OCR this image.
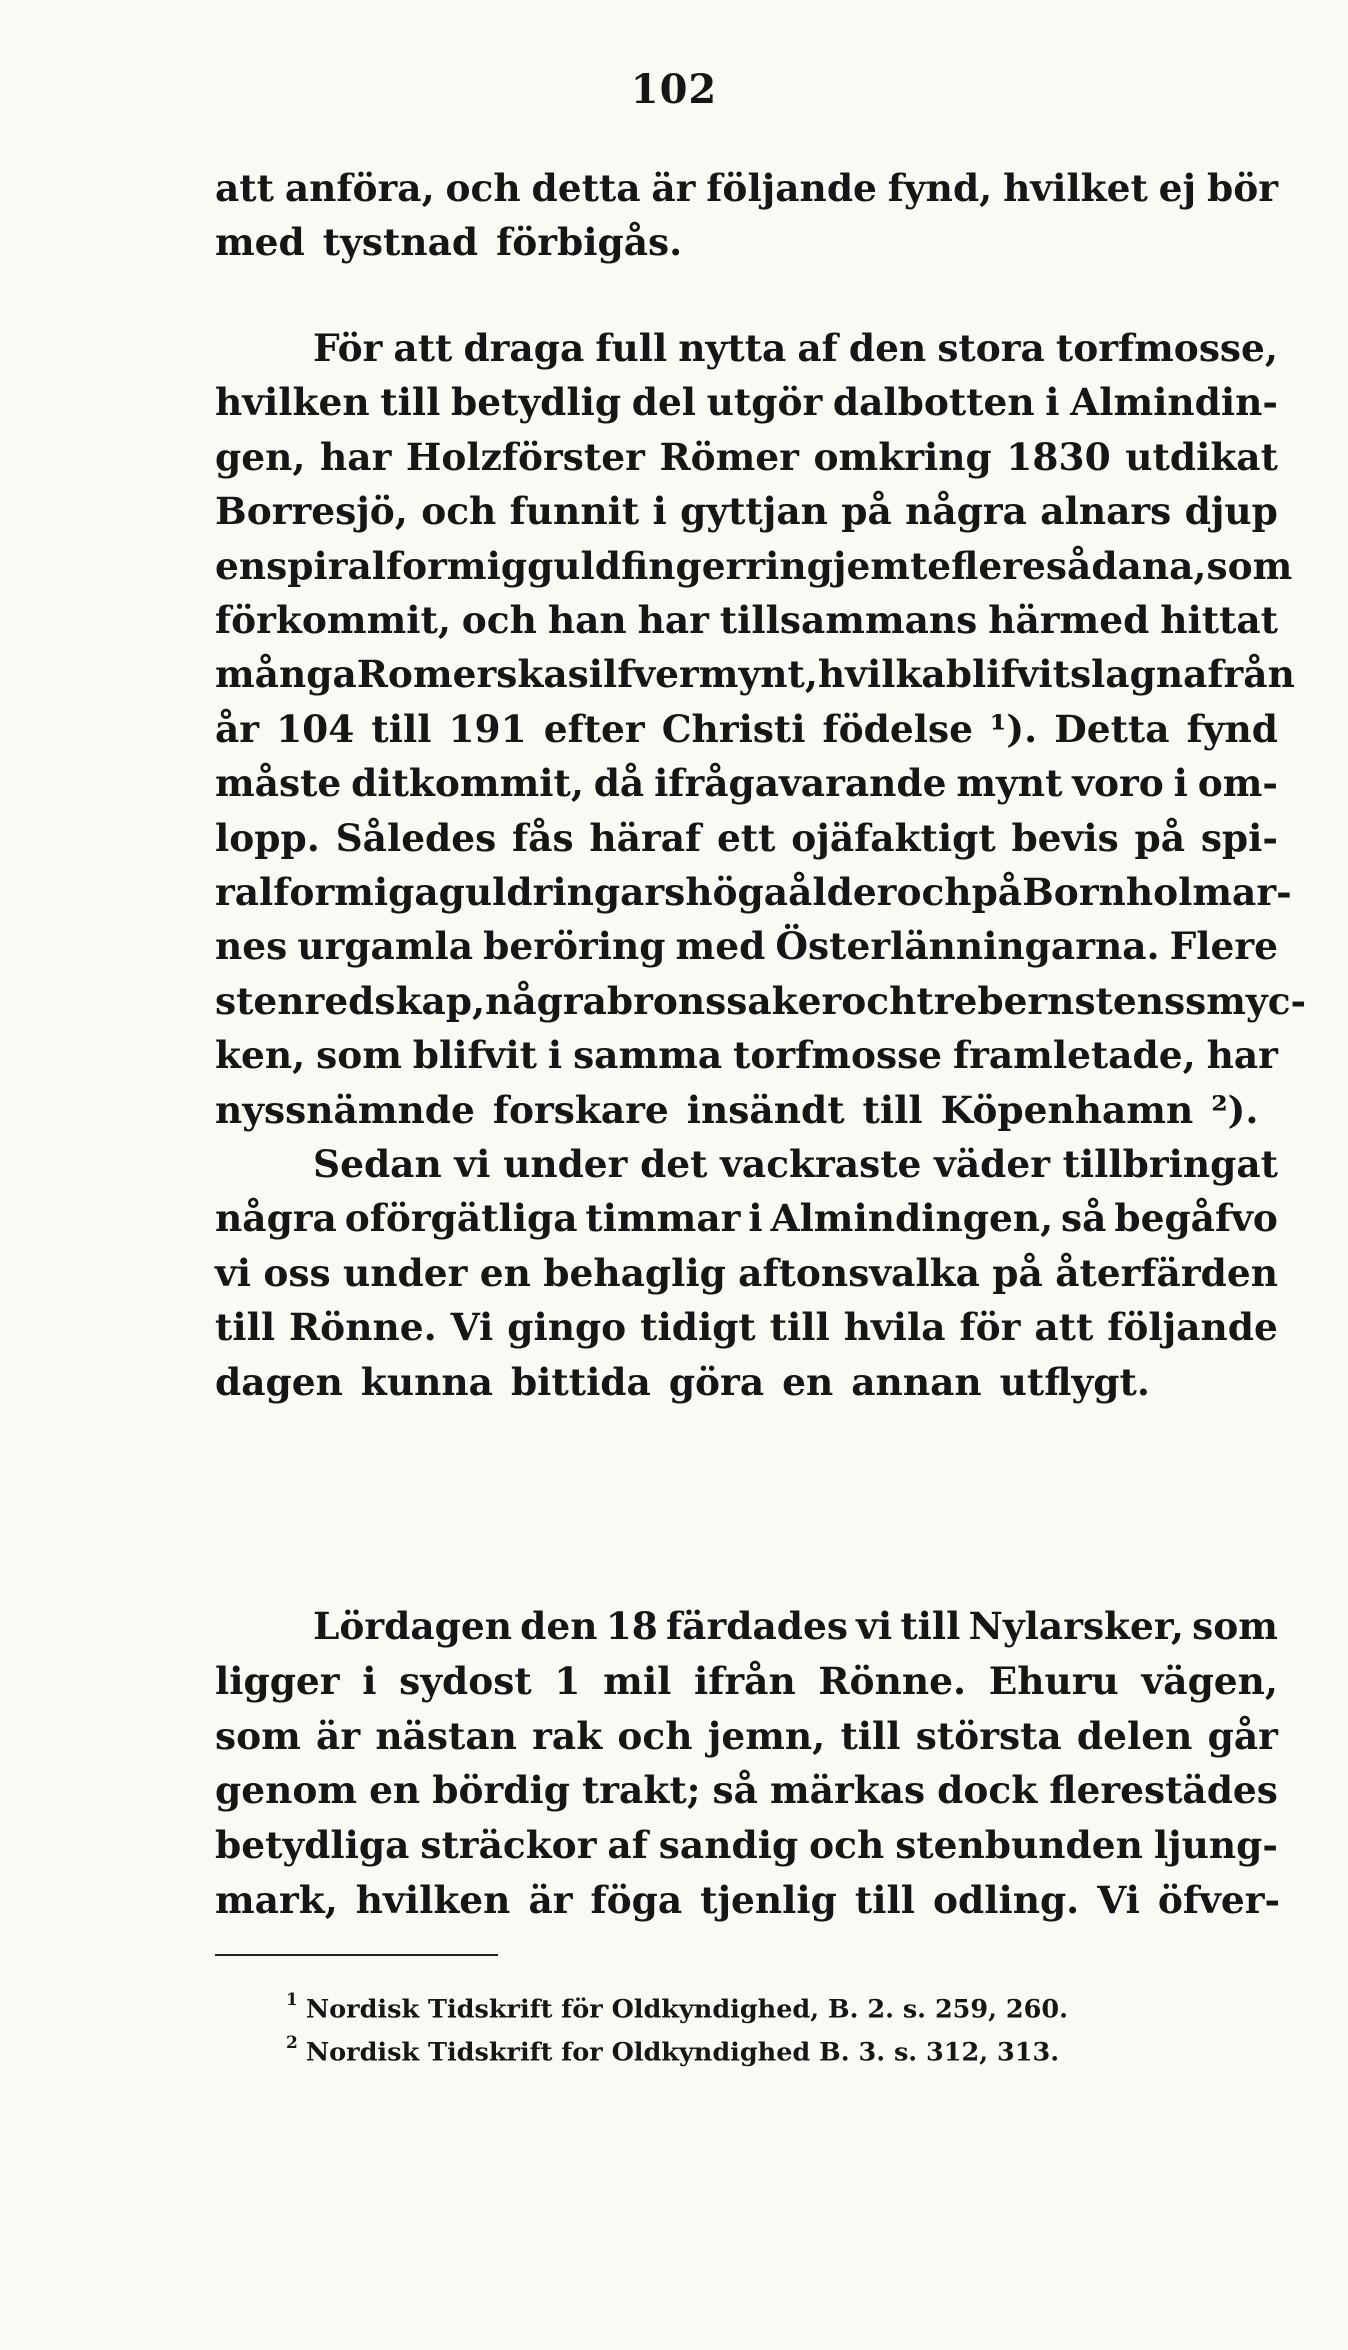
102
att anföra, och detta är följande fynd, hvilket ej bör
med tystnad förbigås.
För att draga full nytta af den stora torfmosse,
hvilken till betydlig del utgör dalbotten i Almindin-
gen, har Holzförster Römer omkring 1830 utdikat
Borresjö, och funnit i gyttjan på några alnars djup
en spiralformig guldfingerring jemte flere sådana, som
förkommit, och han har tillsammans härmed hittat
många Romerska silfvermynt, hvilka blifvit slagna från
år 104 till 191 efter Christi födelse ¹). Detta fynd
måste ditkommit, då ifrågavarande mynt voro i om-
lopp. Således fås häraf ett ojäfaktigt bevis på spi-
ralformiga guldringars höga ålder och på Bornholmar-
nes urgamla beröring med Österlänningarna. Flere
stenredskap, några bronssaker och tre bernstenssmyc-
ken, som blifvit i samma torfmosse framletade, har
nyssnämnde forskare insändt till Köpenhamn ²).
Sedan vi under det vackraste väder tillbringat
några oförgätliga timmar i Almindingen, så begåfvo
vi oss under en behaglig aftonsvalka på återfärden
till Rönne. Vi gingo tidigt till hvila för att följande
dagen kunna bittida göra en annan utflygt.
Lördagen den 18 färdades vi till Nylarsker, som
ligger i sydost 1 mil ifrån Rönne. Ehuru vägen,
som är nästan rak och jemn, till största delen går
genom en bördig trakt; så märkas dock flerestädes
betydliga sträckor af sandig och stenbunden ljung-
mark, hvilken är föga tjenlig till odling. Vi öfver-
$^1$ Nordisk Tidskrift för Oldkyndighed, B. 2. s. 259, 260.
$^2$ Nordisk Tidskrift for Oldkyndighed B. 3. s. 312, 313.
